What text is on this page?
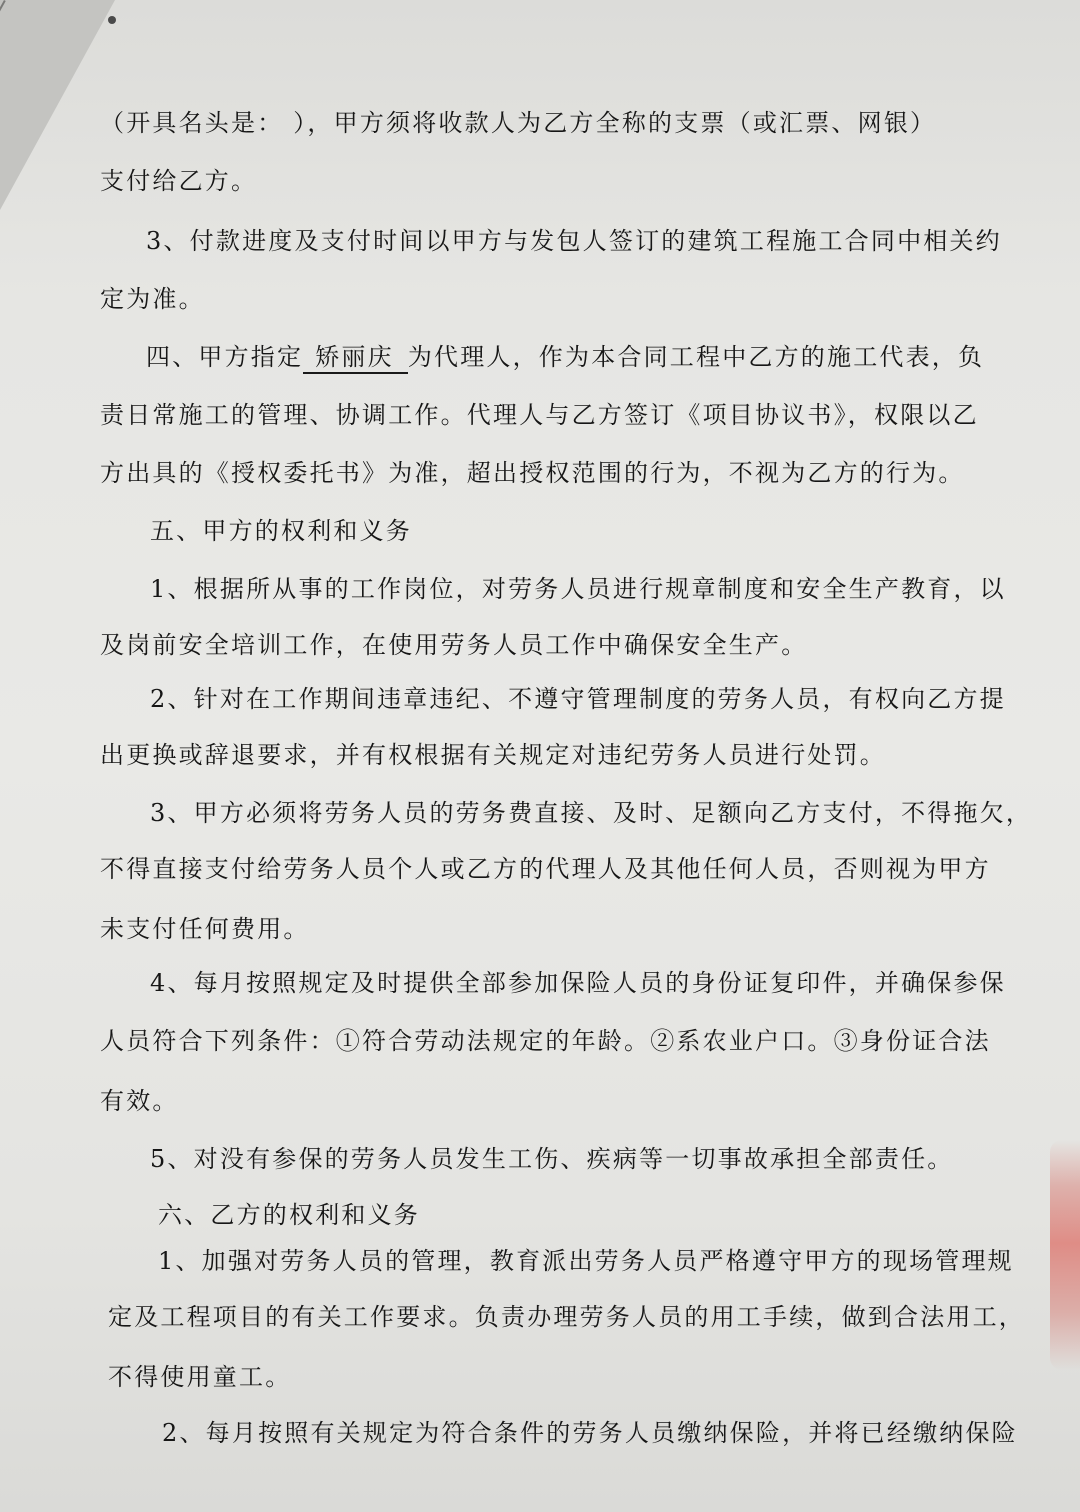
（开具名头是： ），甲方须将收款人为乙方全称的支票（或汇票、网银）

支付给乙方。

3、付款进度及支付时间以甲方与发包人签订的建筑工程施工合同中相关约

定为准。

四、甲方指定 矫丽庆 为代理人，作为本合同工程中乙方的施工代表，负

责日常施工的管理、协调工作。代理人与乙方签订《项目协议书》，权限以乙

方出具的《授权委托书》为准，超出授权范围的行为，不视为乙方的行为。

五、甲方的权利和义务

1、根据所从事的工作岗位，对劳务人员进行规章制度和安全生产教育，以

及岗前安全培训工作，在使用劳务人员工作中确保安全生产。

2、针对在工作期间违章违纪、不遵守管理制度的劳务人员，有权向乙方提

出更换或辞退要求，并有权根据有关规定对违纪劳务人员进行处罚。

3、甲方必须将劳务人员的劳务费直接、及时、足额向乙方支付，不得拖欠，

不得直接支付给劳务人员个人或乙方的代理人及其他任何人员，否则视为甲方

未支付任何费用。

4、每月按照规定及时提供全部参加保险人员的身份证复印件，并确保参保

人员符合下列条件：①符合劳动法规定的年龄。②系农业户口。③身份证合法

有效。

5、对没有参保的劳务人员发生工伤、疾病等一切事故承担全部责任。

六、乙方的权利和义务

1、加强对劳务人员的管理，教育派出劳务人员严格遵守甲方的现场管理规

定及工程项目的有关工作要求。负责办理劳务人员的用工手续，做到合法用工，

不得使用童工。

2、每月按照有关规定为符合条件的劳务人员缴纳保险，并将已经缴纳保险
